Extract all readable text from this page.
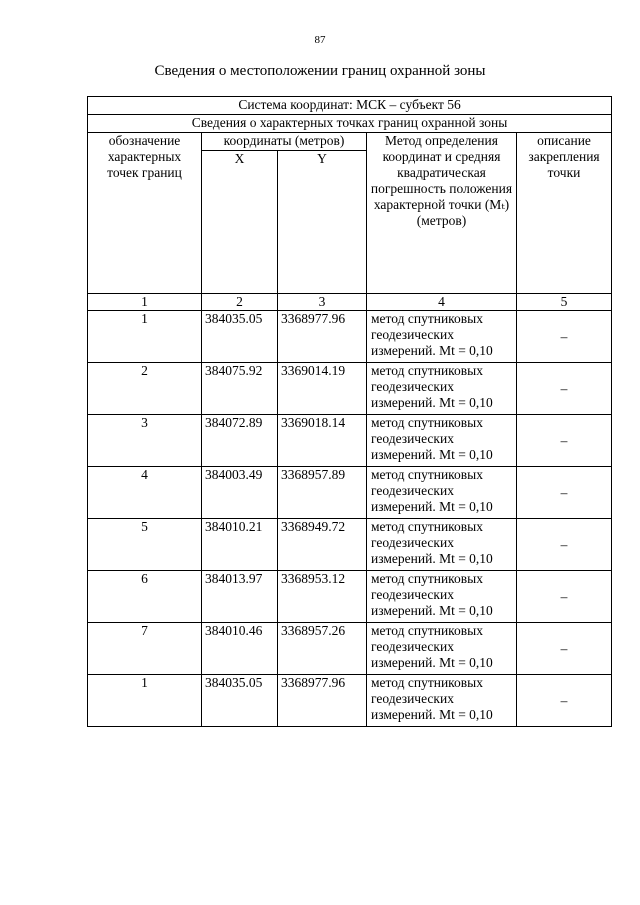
87
Сведения о местоположении границ охранной зоны
Система координат: МСК – субъект 56				
Сведения о характерных точках границ охранной зоны				
обозначение характерных точек границ	координаты (метров)		Метод определения координат и средняя квадратическая погрешность положения характерной точки (Mₜ) (метров)	описание закрепления точки
	X	Y		
1	2	3	4	5
1	384035.05	3368977.96	метод спутниковых геодезических измерений. Mt = 0,10	–
2	384075.92	3369014.19	метод спутниковых геодезических измерений. Mt = 0,10	–
3	384072.89	3369018.14	метод спутниковых геодезических измерений. Mt = 0,10	–
4	384003.49	3368957.89	метод спутниковых геодезических измерений. Mt = 0,10	–
5	384010.21	3368949.72	метод спутниковых геодезических измерений. Mt = 0,10	–
6	384013.97	3368953.12	метод спутниковых геодезических измерений. Mt = 0,10	–
7	384010.46	3368957.26	метод спутниковых геодезических измерений. Mt = 0,10	–
1	384035.05	3368977.96	метод спутниковых геодезических измерений. Mt = 0,10	–
